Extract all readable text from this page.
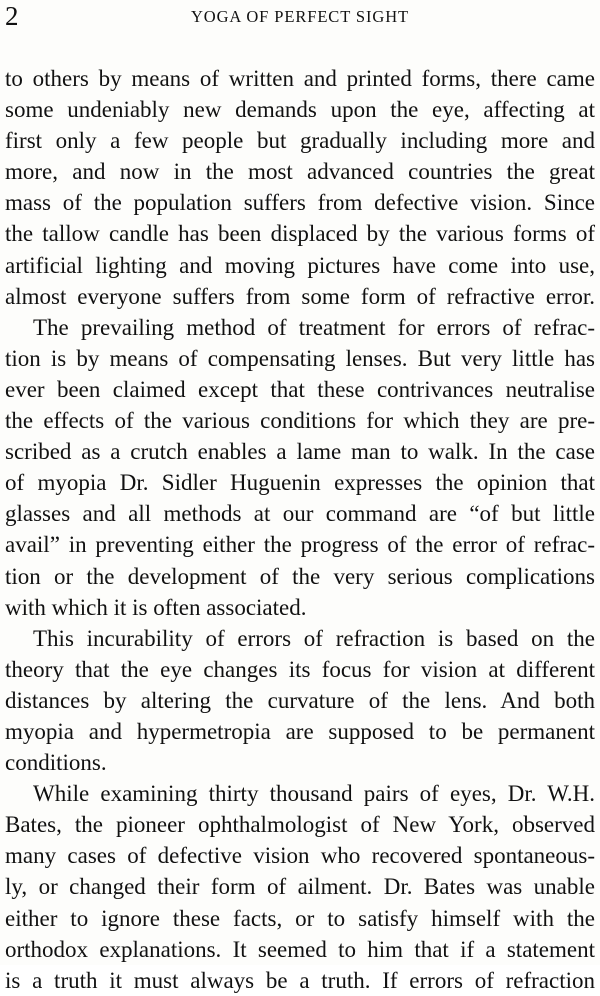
2	YOGA OF PERFECT SIGHT
to others by means of written and printed forms, there came
some undeniably new demands upon the eye, affecting at
first only a few people but gradually including more and
more, and now in the most advanced countries the great
mass of the population suffers from defective vision. Since
the tallow candle has been displaced by the various forms of
artificial lighting and moving pictures have come into use,
almost everyone suffers from some form of refractive error.
The prevailing method of treatment for errors of refrac-
tion is by means of compensating lenses. But very little has
ever been claimed except that these contrivances neutralise
the effects of the various conditions for which they are pre-
scribed as a crutch enables a lame man to walk. In the case
of myopia Dr. Sidler Huguenin expresses the opinion that
glasses and all methods at our command are “of but little
avail” in preventing either the progress of the error of refrac-
tion or the development of the very serious complications
with which it is often associated.
This incurability of errors of refraction is based on the
theory that the eye changes its focus for vision at different
distances by altering the curvature of the lens. And both
myopia and hypermetropia are supposed to be permanent
conditions.
While examining thirty thousand pairs of eyes, Dr. W.H.
Bates, the pioneer ophthalmologist of New York, observed
many cases of defective vision who recovered spontaneous-
ly, or changed their form of ailment. Dr. Bates was unable
either to ignore these facts, or to satisfy himself with the
orthodox explanations. It seemed to him that if a statement
is a truth it must always be a truth. If errors of refraction
